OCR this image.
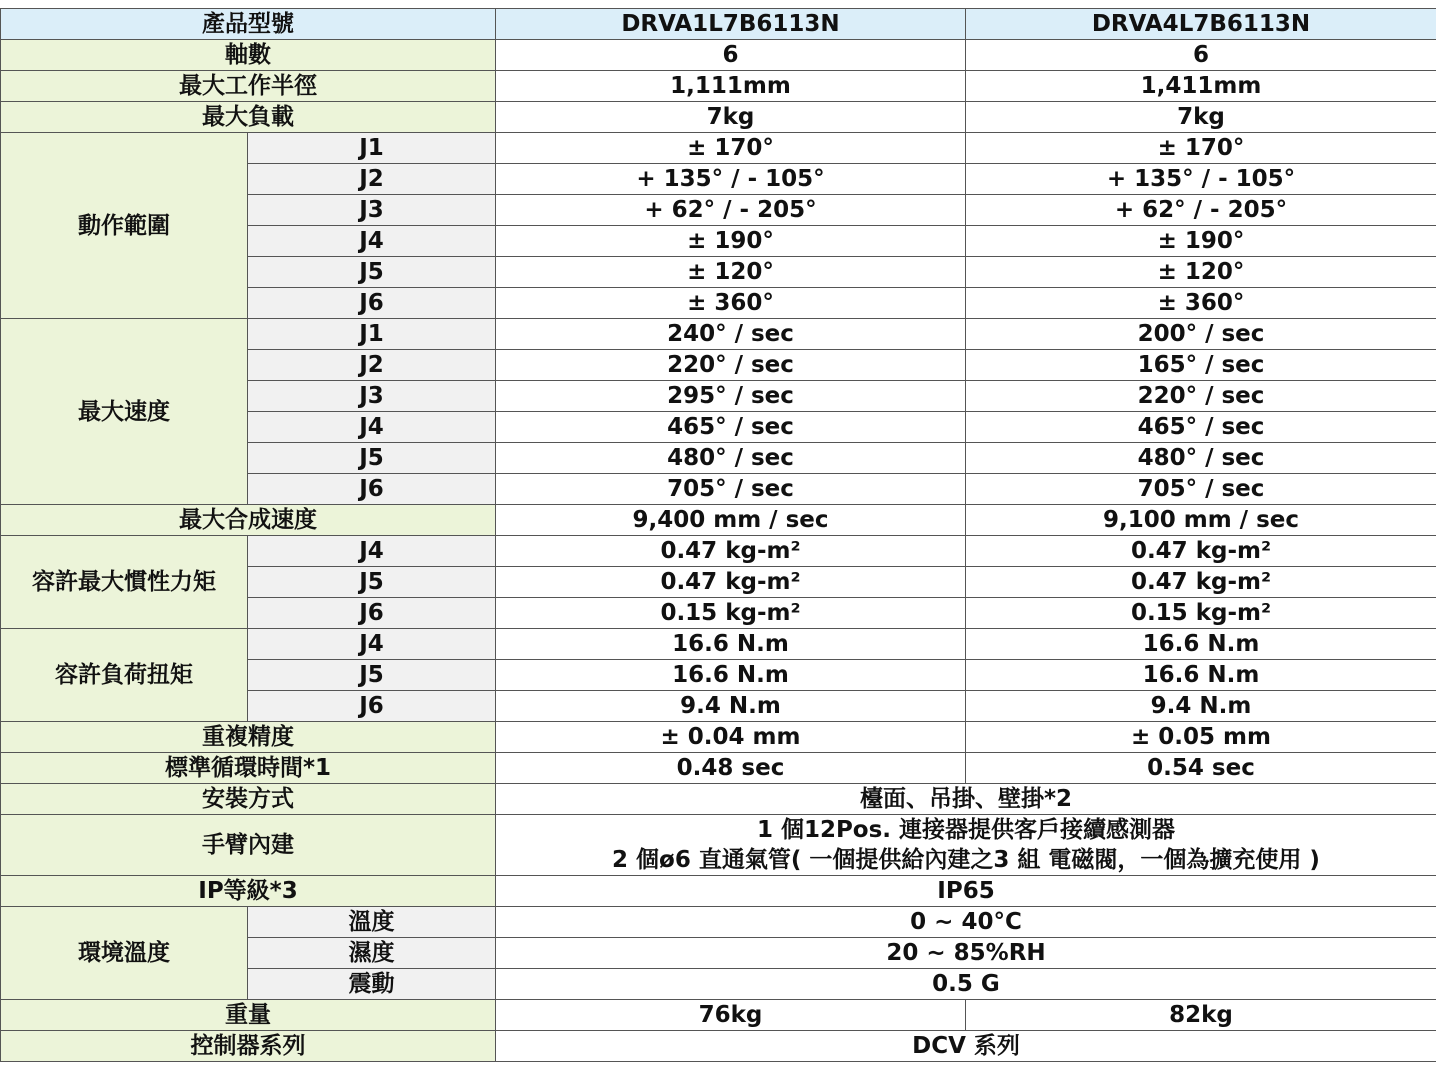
產品型號		DRVA1L7B6113N	DRVA4L7B6113N
軸數		6	6
最大工作半徑		1,111mm	1,411mm
最大負載		7kg	7kg
動作範圍	J1	± 170°	± 170°
	J2	+ 135° / - 105°	+ 135° / - 105°
	J3	+ 62° / - 205°	+ 62° / - 205°
	J4	± 190°	± 190°
	J5	± 120°	± 120°
	J6	± 360°	± 360°
最大速度	J1	240° / sec	200° / sec
	J2	220° / sec	165° / sec
	J3	295° / sec	220° / sec
	J4	465° / sec	465° / sec
	J5	480° / sec	480° / sec
	J6	705° / sec	705° / sec
最大合成速度		9,400 mm / sec	9,100 mm / sec
容許最大慣性力矩	J4	0.47 kg-m²	0.47 kg-m²
	J5	0.47 kg-m²	0.47 kg-m²
	J6	0.15 kg-m²	0.15 kg-m²
容許負荷扭矩	J4	16.6 N.m	16.6 N.m
	J5	16.6 N.m	16.6 N.m
	J6	9.4 N.m	9.4 N.m
重複精度		± 0.04 mm	± 0.05 mm
標準循環時間*1		0.48 sec	0.54 sec
安裝方式		檯面、吊掛、壁掛*2	
手臂內建		1 個12Pos. 連接器提供客戶接續感測器
2 個ø6 直通氣管( 一個提供給內建之3 組 電磁閥，一個為擴充使用 )	

IP等級*3		IP65	
環境溫度	溫度	0 ~ 40°C	
	濕度	20 ~ 85%RH	
	震動	0.5 G	
重量		76kg	82kg
控制器系列		DCV 系列	
